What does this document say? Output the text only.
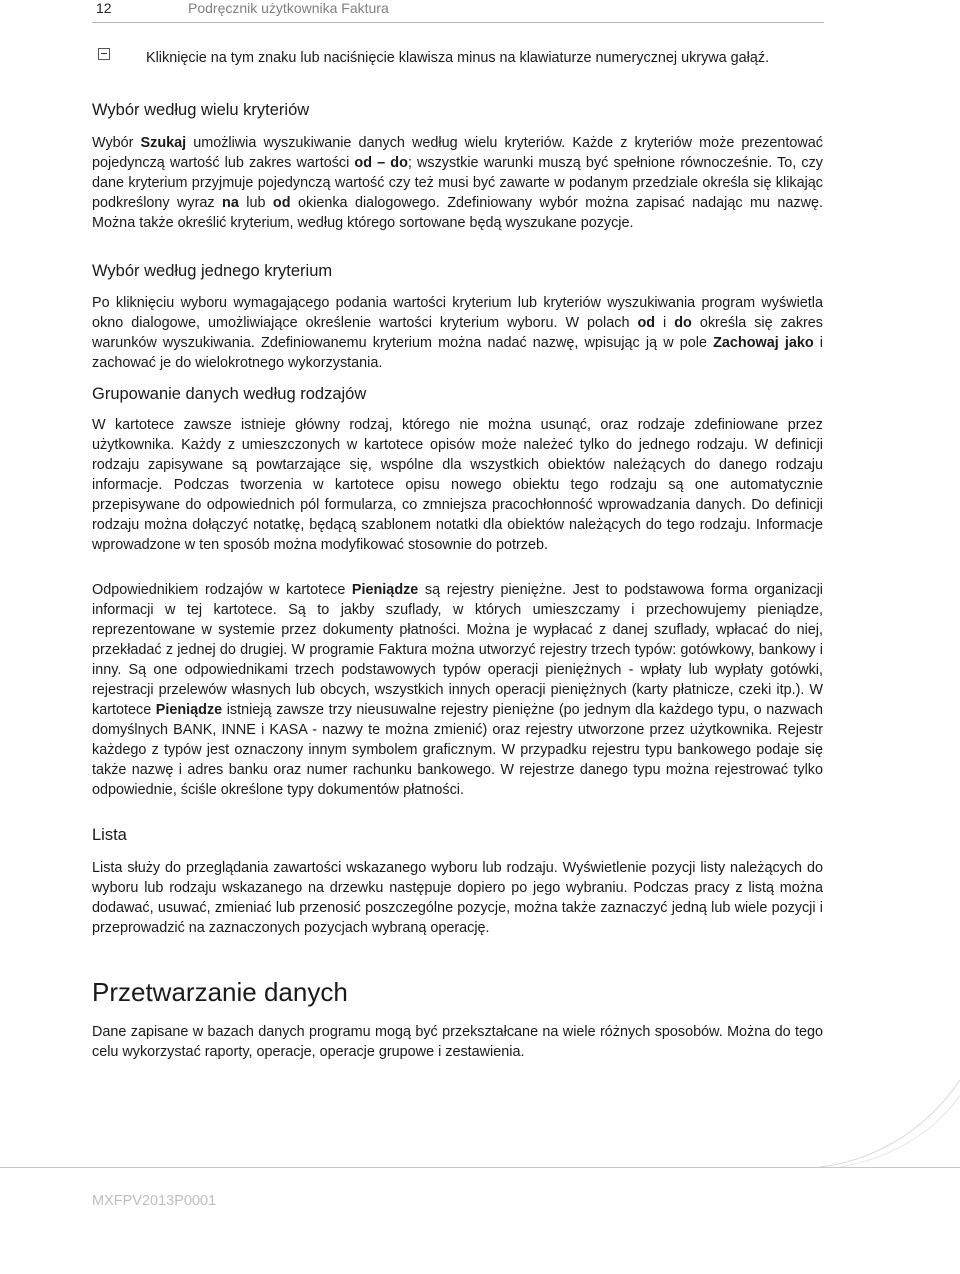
12	Podręcznik użytkownika Faktura

Kliknięcie na tym znaku lub naciśnięcie klawisza minus na klawiaturze numerycznej ukrywa gałąź.

Wybór według wielu kryteriów

Wybór Szukaj umożliwia wyszukiwanie danych według wielu kryteriów. Każde z kryteriów może prezentować pojedynczą wartość lub zakres wartości od – do; wszystkie warunki muszą być spełnione równocześnie. To, czy dane kryterium przyjmuje pojedynczą wartość czy też musi być zawarte w podanym przedziale określa się klikając podkreślony wyraz na lub od okienka dialogowego. Zdefiniowany wybór można zapisać nadając mu nazwę. Można także określić kryterium, według którego sortowane będą wyszukane pozycje.

Wybór według jednego kryterium

Po kliknięciu wyboru wymagającego podania wartości kryterium lub kryteriów wyszukiwania program wyświetla okno dialogowe, umożliwiające określenie wartości kryterium wyboru. W polach od i do określa się zakres warunków wyszukiwania. Zdefiniowanemu kryterium można nadać nazwę, wpisując ją w pole Zachowaj jako i zachować je do wielokrotnego wykorzystania.

Grupowanie danych według rodzajów

W kartotece zawsze istnieje główny rodzaj, którego nie można usunąć, oraz rodzaje zdefiniowane przez użytkownika. Każdy z umieszczonych w kartotece opisów może należeć tylko do jednego rodzaju. W definicji rodzaju zapisywane są powtarzające się, wspólne dla wszystkich obiektów należących do danego rodzaju informacje. Podczas tworzenia w kartotece opisu nowego obiektu tego rodzaju są one automatycznie przepisywane do odpowiednich pól formularza, co zmniejsza pracochłonność wprowadzania danych. Do definicji rodzaju można dołączyć notatkę, będącą szablonem notatki dla obiektów należących do tego rodzaju. Informacje wprowadzone w ten sposób można modyfikować stosownie do potrzeb.

Odpowiednikiem rodzajów w kartotece Pieniądze są rejestry pieniężne. Jest to podstawowa forma organizacji informacji w tej kartotece. Są to jakby szuflady, w których umieszczamy i przechowujemy pieniądze, reprezentowane w systemie przez dokumenty płatności. Można je wypłacać z danej szuflady, wpłacać do niej, przekładać z jednej do drugiej. W programie Faktura można utworzyć rejestry trzech typów: gotówkowy, bankowy i inny. Są one odpowiednikami trzech podstawowych typów operacji pieniężnych - wpłaty lub wypłaty gotówki, rejestracji przelewów własnych lub obcych, wszystkich innych operacji pieniężnych (karty płatnicze, czeki itp.). W kartotece Pieniądze istnieją zawsze trzy nieusuwalne rejestry pieniężne (po jednym dla każdego typu, o nazwach domyślnych BANK, INNE i KASA - nazwy te można zmienić) oraz rejestry utworzone przez użytkownika. Rejestr każdego z typów jest oznaczony innym symbolem graficznym. W przypadku rejestru typu bankowego podaje się także nazwę i adres banku oraz numer rachunku bankowego. W rejestrze danego typu można rejestrować tylko odpowiednie, ściśle określone typy dokumentów płatności.

Lista

Lista służy do przeglądania zawartości wskazanego wyboru lub rodzaju. Wyświetlenie pozycji listy należących do wyboru lub rodzaju wskazanego na drzewku następuje dopiero po jego wybraniu. Podczas pracy z listą można dodawać, usuwać, zmieniać lub przenosić poszczególne pozycje, można także zaznaczyć jedną lub wiele pozycji i przeprowadzić na zaznaczonych pozycjach wybraną operację.

Przetwarzanie danych

Dane zapisane w bazach danych programu mogą być przekształcane na wiele różnych sposobów. Można do tego celu wykorzystać raporty, operacje, operacje grupowe i zestawienia.

MXFPV2013P0001
